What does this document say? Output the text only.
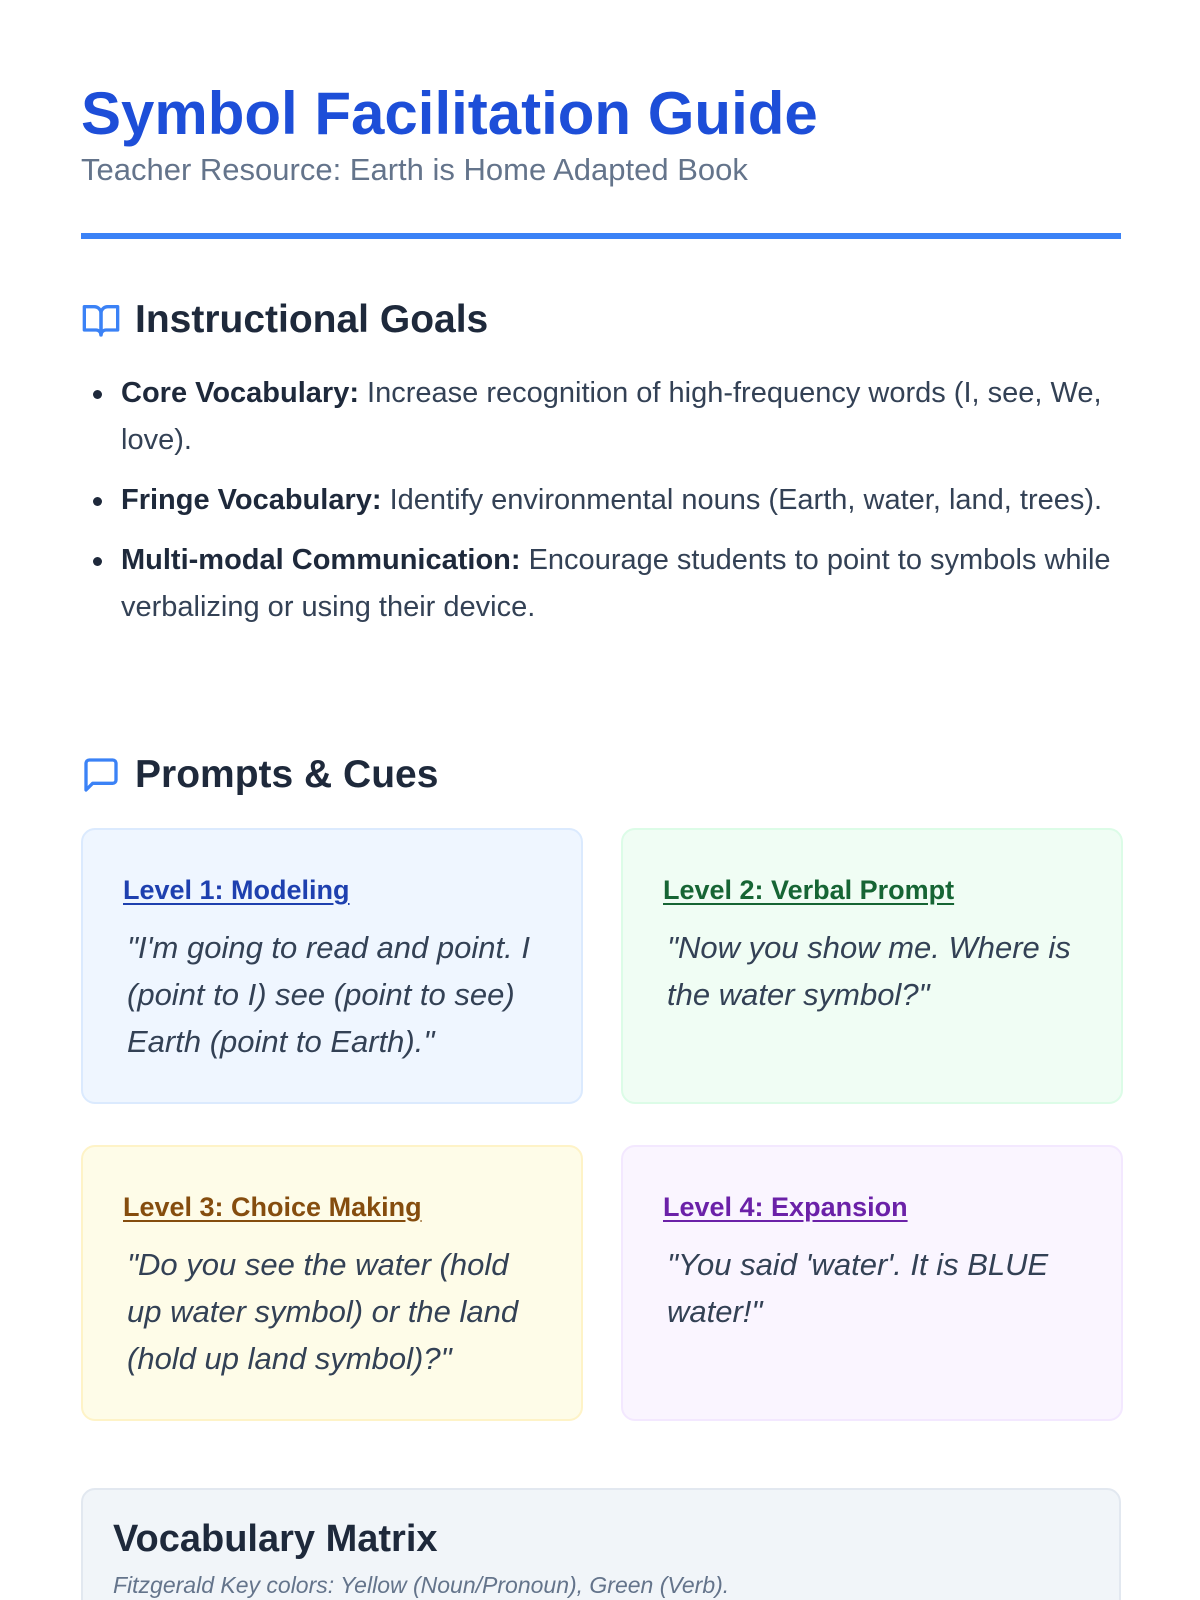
Symbol Facilitation Guide
Teacher Resource: Earth is Home Adapted Book
Instructional Goals
Core Vocabulary: Increase recognition of high-frequency words (I, see, We, love).
Fringe Vocabulary: Identify environmental nouns (Earth, water, land, trees).
Multi-modal Communication: Encourage students to point to symbols while verbalizing or using their device.
Prompts & Cues
Level 1: Modeling

"I'm going to read and point. I (point to I) see (point to see) Earth (point to Earth)."

Level 2: Verbal Prompt

"Now you show me. Where is the water symbol?"

Level 3: Choice Making

"Do you see the water (hold up water symbol) or the land (hold up land symbol)?"

Level 4: Expansion

"You said 'water'. It is BLUE water!"

Vocabulary Matrix

Fitzgerald Key colors: Yellow (Noun/Pronoun), Green (Verb).
